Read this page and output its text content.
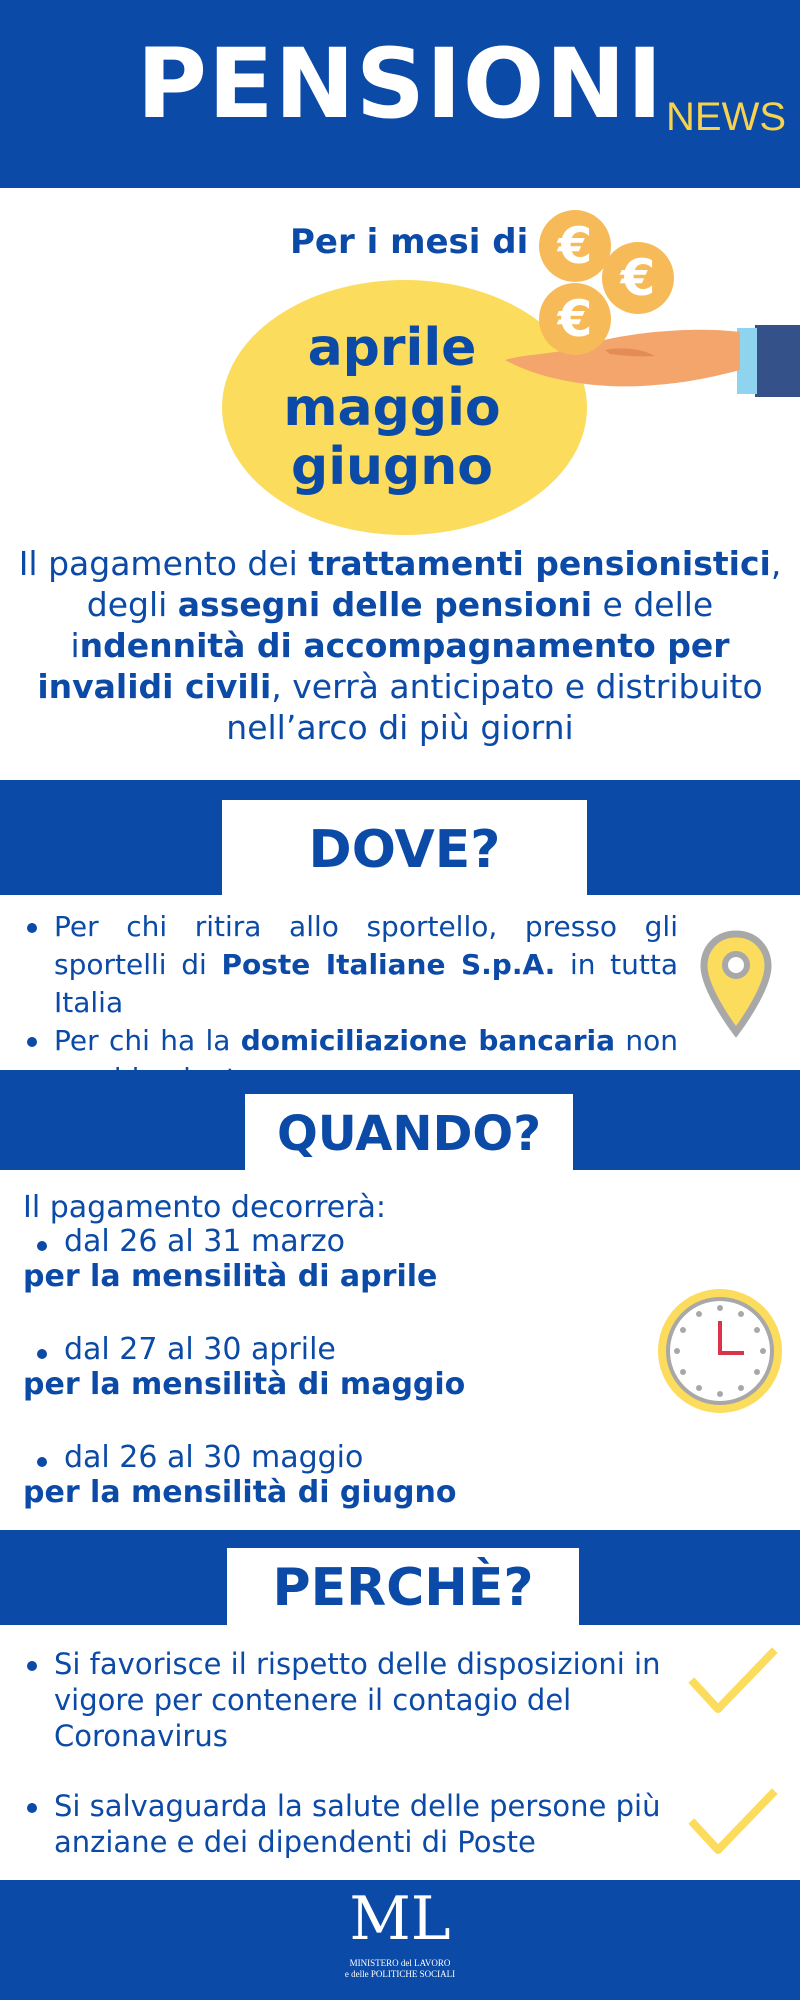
PENSIONI NEWS
Per i mesi di
aprile
maggio
giugno
€
€
€
Il pagamento dei trattamenti pensionistici, degli assegni delle pensioni e delle indennità di accompagnamento per invalidi civili, verrà anticipato e distribuito nell’arco di più giorni
DOVE?
Per chi ritira allo sportello, presso gli sportelli di Poste Italiane S.p.A. in tutta Italia
Per chi ha la domiciliazione bancaria non
QUANDO?
Il pagamento decorrerà:
dal 26 al 31 marzo
per la mensilità di aprile
dal 27 al 30 aprile
per la mensilità di maggio
dal 26 al 30 maggio
per la mensilità di giugno
PERCHÈ?
Si favorisce il rispetto delle disposizioni in vigore per contenere il contagio del Coronavirus
Si salvaguarda la salute delle persone più anziane e dei dipendenti di Poste
ML
MINISTERO del LAVORO
e delle POLITICHE SOCIALI
